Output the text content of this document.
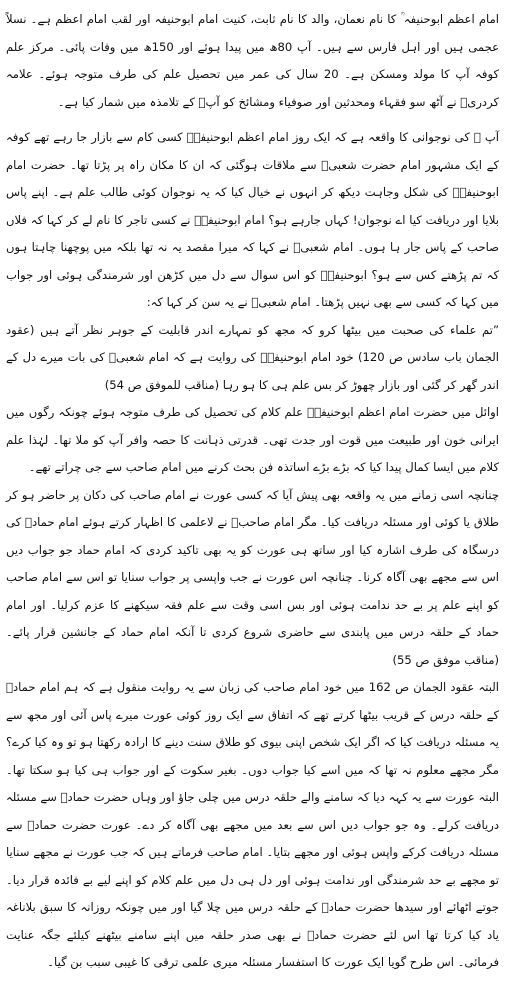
امام اعظم ابوحنیفہ ؒ کا نام نعمان، والد کا نام ثابت، کنیت امام ابوحنیفہ اور لقب امام اعظم ہے۔ نسلاً عجمی ہیں اور اہل فارس سے ہیں۔ آپ 80ھ میں پیدا ہوئے اور 150ھ میں وفات پائی۔ مرکز علم کوفہ آپ کا مولد ومسکن ہے۔ 20 سال کی عمر میں تحصیل علم کی طرف متوجہ ہوئے۔ علامہ کردریؒ نے آٹھ سو فقہاء ومحدثین اور صوفیاء ومشائخ کو آپؒ کے تلامذہ میں شمار کیا ہے۔

آپ ؒ کی نوجوانی کا واقعہ ہے کہ ایک روز امام اعظم ابوحنیفہؒ کسی کام سے بازار جا رہے تھے کوفہ کے ایک مشہور امام حضرت شعبیؒ سے ملاقات ہوگئی کہ ان کا مکان راہ پر پڑتا تھا۔ حضرت امام ابوحنیفہؒ کی شکل وجاہت دیکھ کر انہوں نے خیال کیا کہ یہ نوجوان کوئی طالب علم ہے۔ اپنے پاس بلایا اور دریافت کیا اے نوجوان! کہاں جارہے ہو؟ امام ابوحنیفہؒ نے کسی تاجر کا نام لے کر کہا کہ فلاں صاحب کے پاس جار ہا ہوں۔ امام شعبیؒ نے کہا کہ میرا مقصد یہ نہ تھا بلکہ میں پوچھنا چاہتا ہوں کہ تم پڑھتے کس سے ہو؟ ابوحنیفہؒ کو اس سوال سے دل میں کڑھن اور شرمندگی ہوئی اور جواب میں کہا کہ کسی سے بھی نہیں پڑھتا۔ امام شعبیؒ نے یہ سن کر کہا کہ:

”تم علماء کی صحبت میں بیٹھا کرو کہ مجھ کو تمہارے اندر قابلیت کے جوہر نظر آتے ہیں (عقود الجمان باب سادس ص 120) خود امام ابوحنیفہؒ کی روایت ہے کہ امام شعبیؒ کی بات میرے دل کے اندر گھر کر گئی اور بازار چھوڑ کر بس علم ہی کا ہو رہا (مناقب للموفق ص 54)

اوائل میں حضرت امام اعظم ابوحنیفہؒ علم کلام کی تحصیل کی طرف متوجہ ہوئے چونکہ رگوں میں ایرانی خون اور طبیعت میں قوت اور جدت تھی۔ قدرتی ذہانت کا حصہ وافر آپ کو ملا تھا۔ لہٰذا علم کلام میں ایسا کمال پیدا کیا کہ بڑے بڑے اساتذہ فن بحث کرنے میں امام صاحب سے جی چراتے تھے۔

چنانچہ اسی زمانے میں یہ واقعہ بھی پیش آیا کہ کسی عورت نے امام صاحب کی دکان پر حاضر ہو کر طلاق یا کوئی اور مسئلہ دریافت کیا۔ مگر امام صاحبؒ نے لاعلمی کا اظہار کرتے ہوئے امام حمادؒ کی درسگاہ کی طرف اشارہ کیا اور ساتھ ہی عورت کو یہ بھی تاکید کردی کہ امام حماد جو جواب دیں اس سے مجھے بھی آگاہ کرنا۔ چنانچہ اس عورت نے جب واپسی پر جواب سنایا تو اس سے امام صاحب کو اپنے علم پر بے حد ندامت ہوئی اور بس اسی وقت سے علم فقہ سیکھنے کا عزم کرلیا۔ اور امام حماد کے حلقہ درس میں پابندی سے حاضری شروع کردی تا آنکہ امام حماد کے جانشین قرار پائے۔ (مناقب موفق ص 55)

البتہ عقود الجمان ص 162 میں خود امام صاحب کی زبان سے یہ روایت منقول ہے کہ ہم امام حمادؒ کے حلقہ درس کے قریب بیٹھا کرتے تھے کہ اتفاق سے ایک روز کوئی عورت میرے پاس آئی اور مجھ سے یہ مسئلہ دریافت کیا کہ اگر ایک شخص اپنی بیوی کو طلاق سنت دینے کا ارادہ رکھتا ہو تو وہ کیا کرے؟ مگر مجھے معلوم نہ تھا کہ میں اسے کیا جواب دوں۔ بغیر سکوت کے اور جواب ہی کیا ہو سکتا تھا۔ البتہ عورت سے یہ کہہ دیا کہ سامنے والے حلقہ درس میں چلی جاؤ اور وہاں حضرت حمادؒ سے مسئلہ دریافت کرلے۔ وہ جو جواب دیں اس سے بعد میں مجھے بھی آگاہ کر دے۔ عورت حضرت حمادؒ سے مسئلہ دریافت کرکے واپس ہوئی اور مجھے بتایا۔ امام صاحب فرماتے ہیں کہ جب عورت نے مجھے سنایا تو مجھے بے حد شرمندگی اور ندامت ہوئی اور دل ہی دل میں علم کلام کو اپنے لیے بے فائدہ قرار دیا۔ جوتے اٹھائے اور سیدھا حضرت حمادؒ کے حلقہ درس میں چلا گیا اور میں چونکہ روزانہ کا سبق بلاناغہ یاد کیا کرتا تھا اس لئے حضرت حمادؒ نے بھی صدر حلقہ میں اپنے سامنے بیٹھنے کیلئے جگہ عنایت فرمائی۔ اس طرح گویا ایک عورت کا استفسار مسئلہ میری علمی ترقی کا غیبی سبب بن گیا۔
